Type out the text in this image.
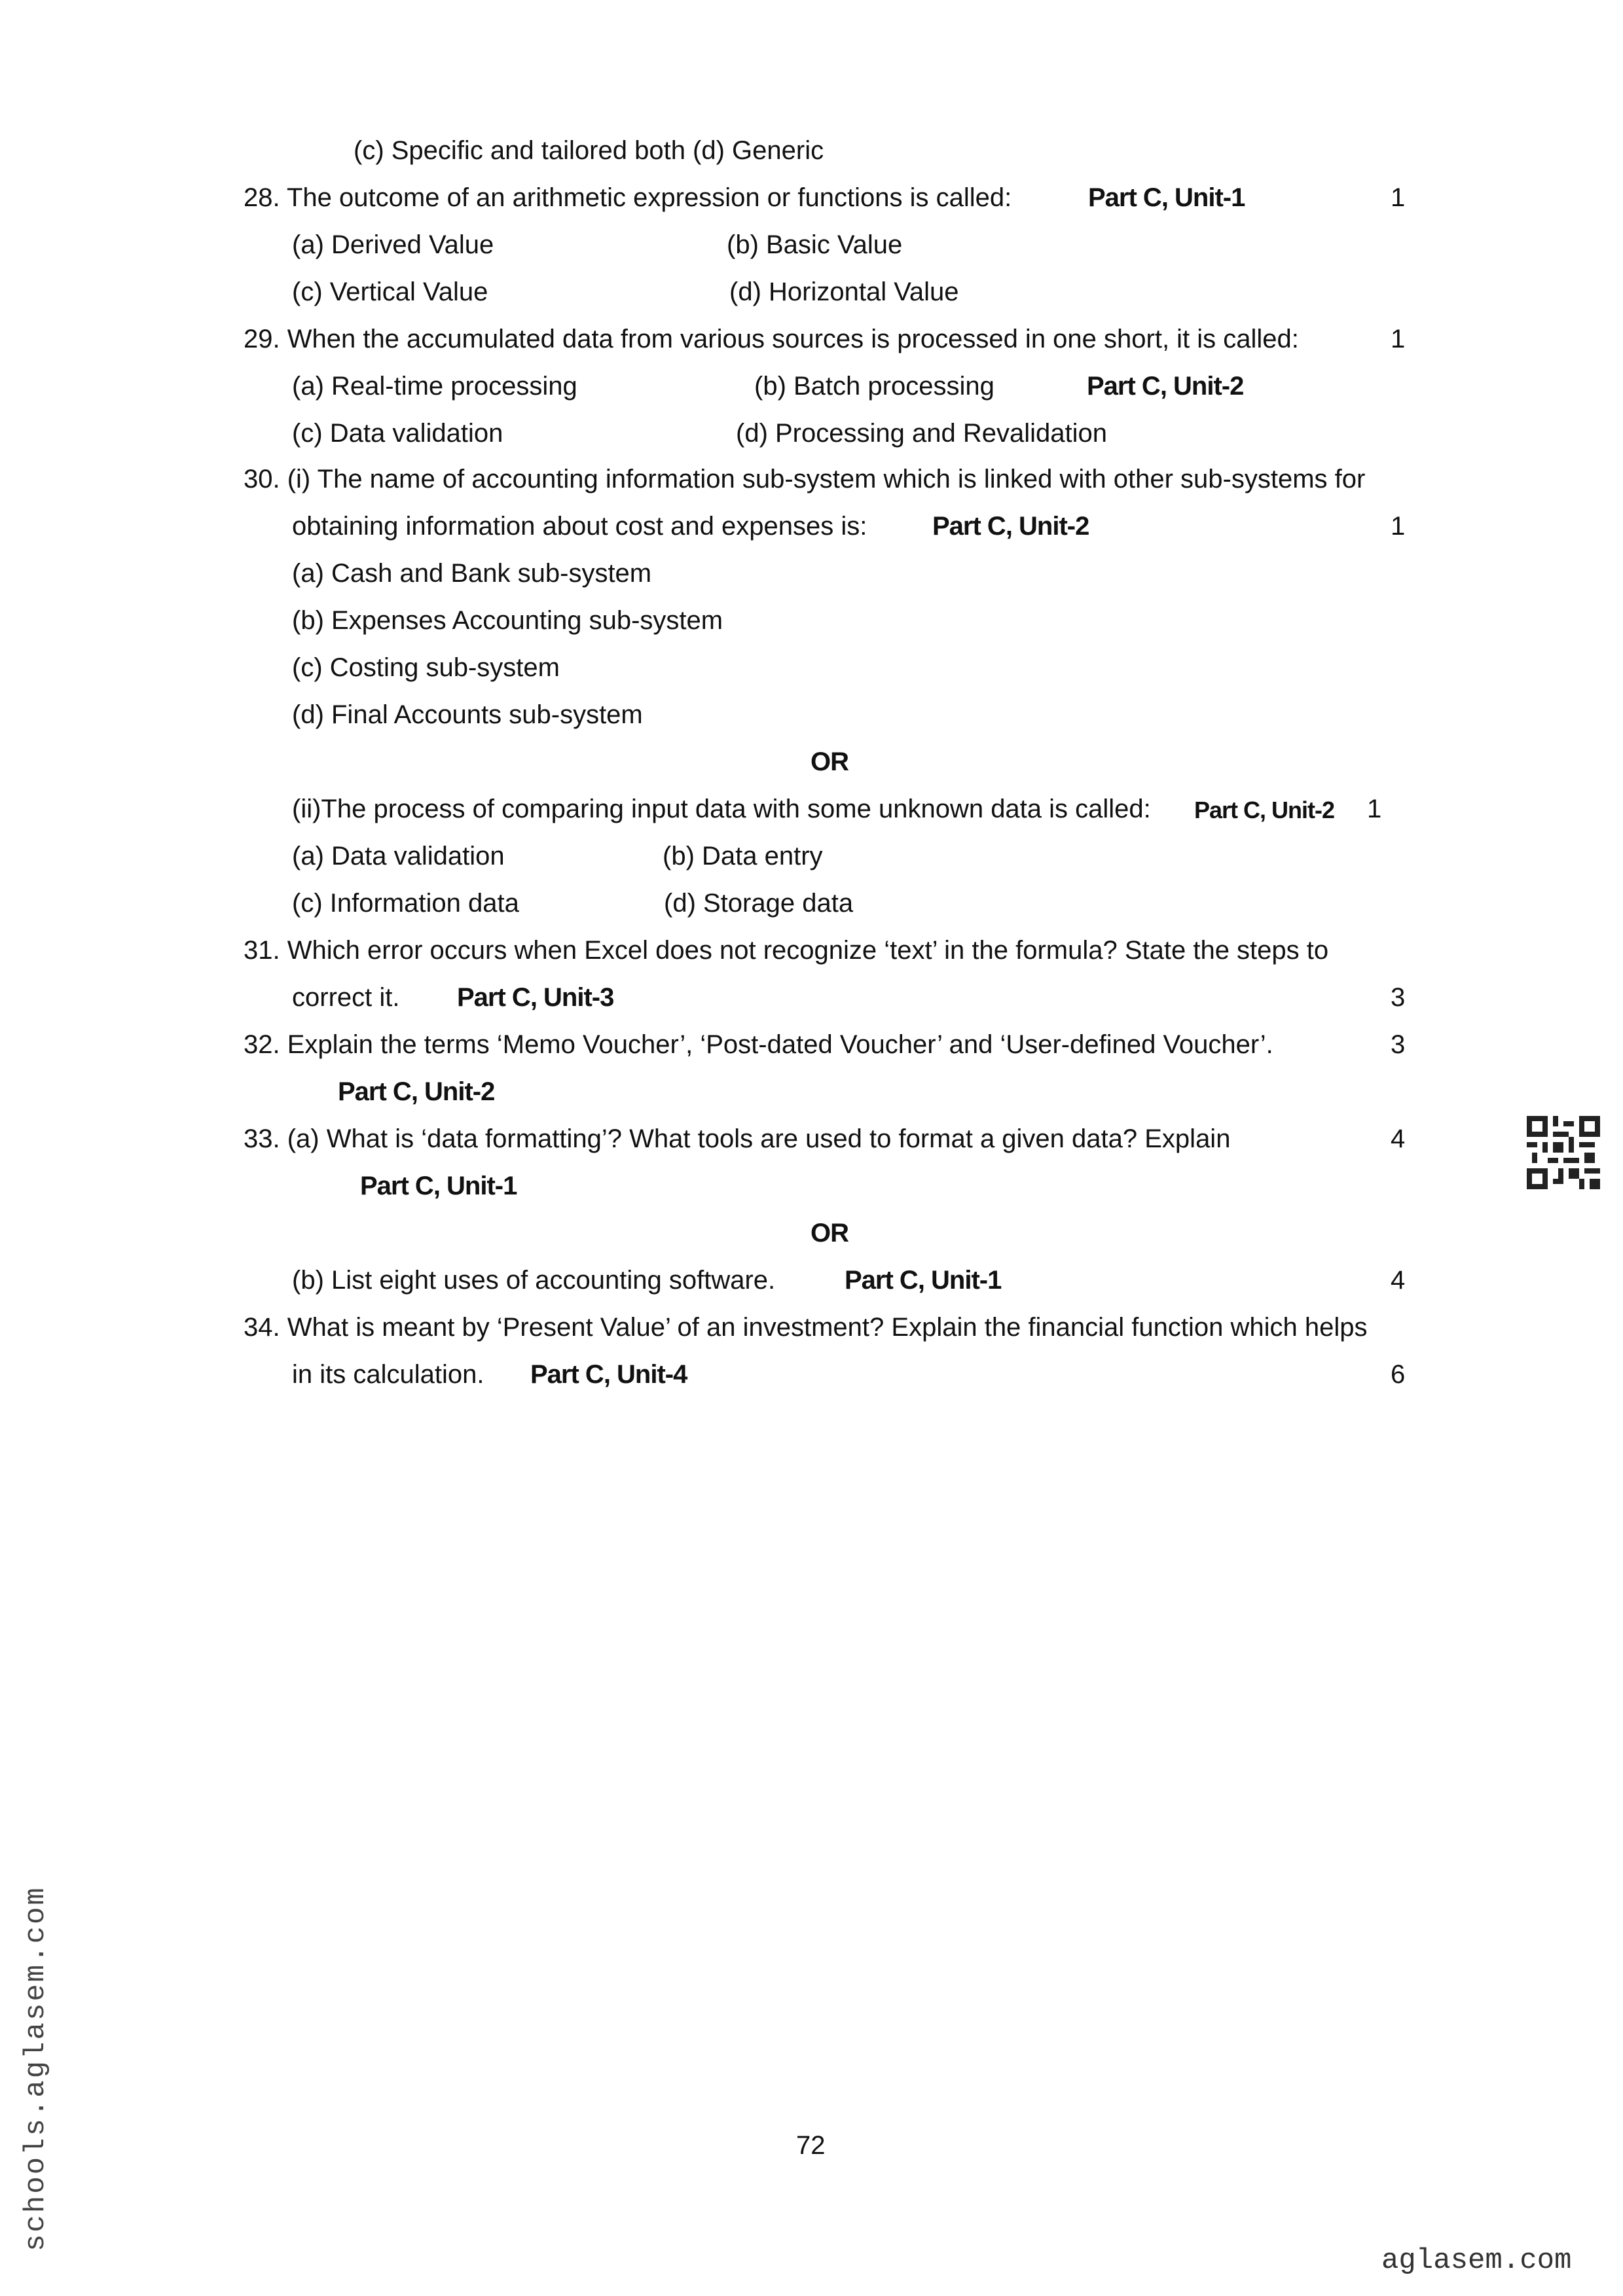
(c) Specific and tailored both (d) Generic
28. The outcome of an arithmetic expression or functions is called:	Part C, Unit-1	1
(a) Derived Value	(b) Basic Value
(c) Vertical Value	(d) Horizontal Value
29. When the accumulated data from various sources is processed in one short, it is called:	1
(a) Real-time processing	(b) Batch processing	Part C, Unit-2
(c) Data validation	(d) Processing and Revalidation
30. (i) The name of accounting information sub-system which is linked with other sub-systems for
obtaining information about cost and expenses is: Part C, Unit-2	1
(a) Cash and Bank sub-system
(b) Expenses Accounting sub-system
(c) Costing sub-system
(d) Final Accounts sub-system
OR
(ii)The process of comparing input data with some unknown data is called: Part C, Unit-2 1
(a) Data validation	(b) Data entry
(c) Information data	(d) Storage data
31. Which error occurs when Excel does not recognize ‘text’ in the formula? State the steps to
correct it. Part C, Unit-3	3
32. Explain the terms ‘Memo Voucher’, ‘Post-dated Voucher’ and ‘User-defined Voucher’.	3
Part C, Unit-2
33. (a) What is ‘data formatting’? What tools are used to format a given data? Explain	4
Part C, Unit-1
OR
(b) List eight uses of accounting software.	Part C, Unit-1	4
34. What is meant by ‘Present Value’ of an investment? Explain the financial function which helps
in its calculation. Part C, Unit-4	6
72
aglasem.com
schools.aglasem.com
